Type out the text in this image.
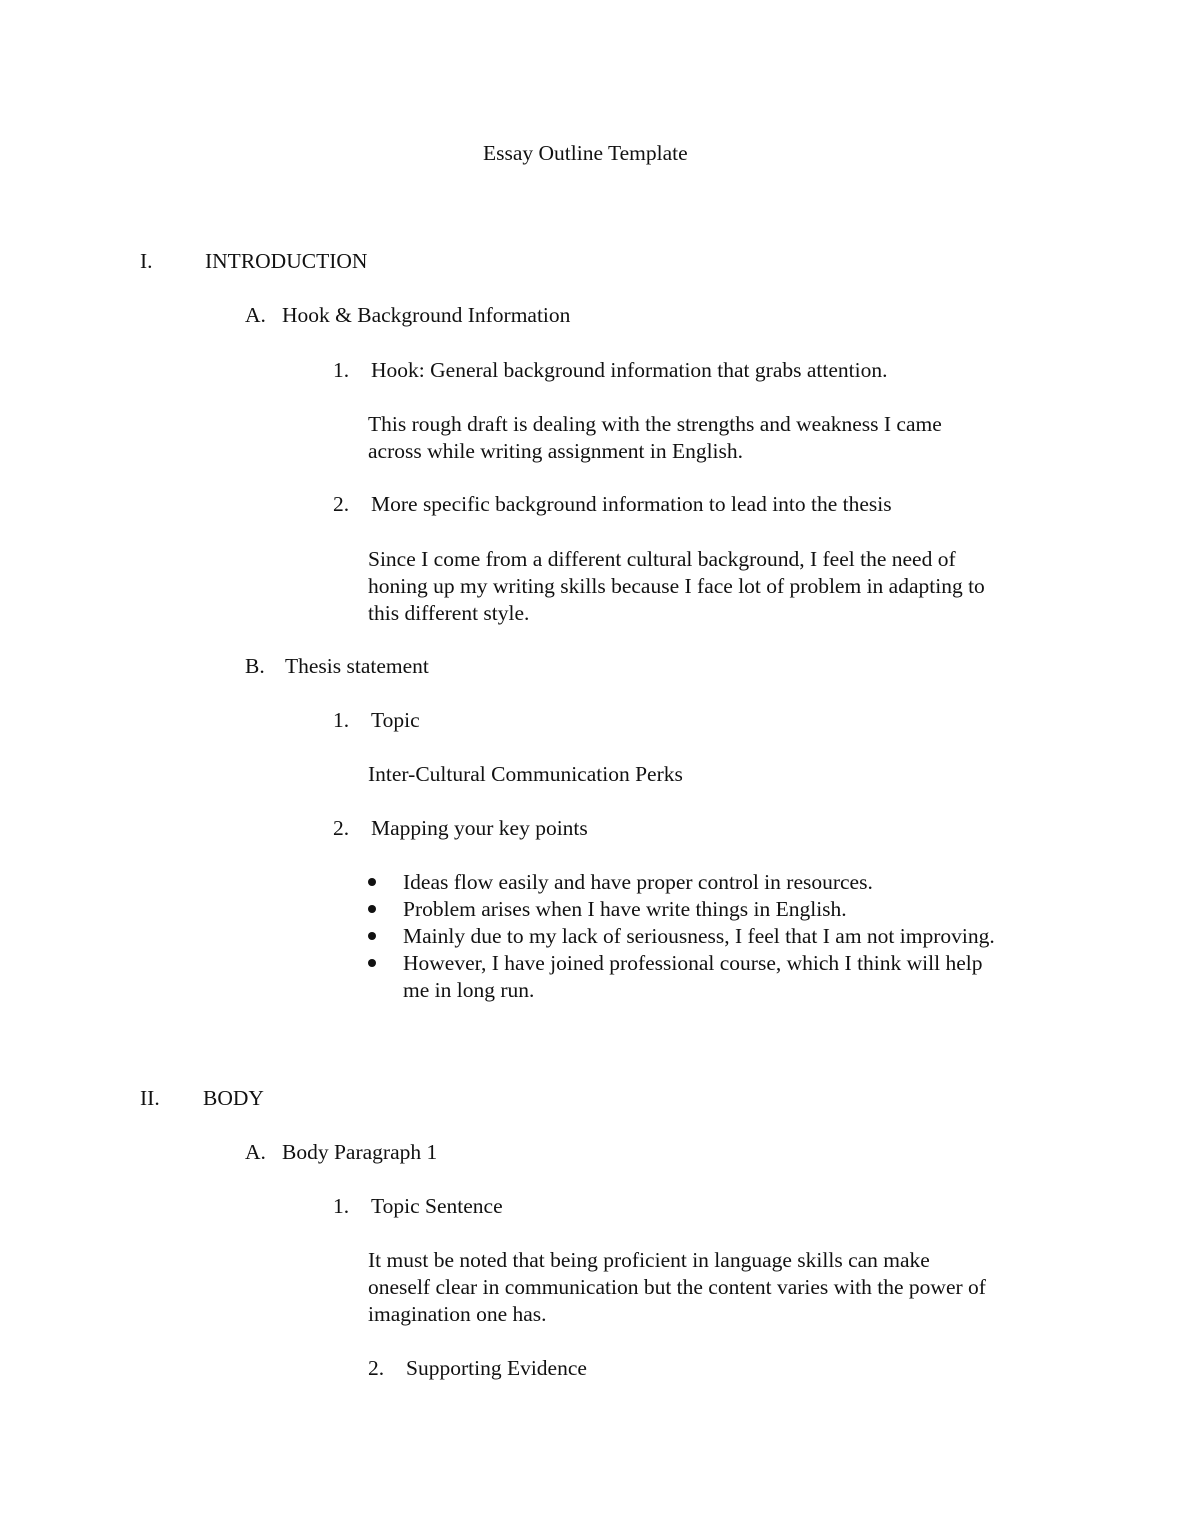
Essay Outline Template
I. INTRODUCTION
A. Hook & Background Information
1. Hook: General background information that grabs attention.
This rough draft is dealing with the strengths and weakness I came
across while writing assignment in English.
2. More specific background information to lead into the thesis
Since I come from a different cultural background, I feel the need of
honing up my writing skills because I face lot of problem in adapting to
this different style.
B. Thesis statement
1. Topic
Inter-Cultural Communication Perks
2. Mapping your key points
Ideas flow easily and have proper control in resources.
Problem arises when I have write things in English.
Mainly due to my lack of seriousness, I feel that I am not improving.
However, I have joined professional course, which I think will help
me in long run.
II. BODY
A. Body Paragraph 1
1. Topic Sentence
It must be noted that being proficient in language skills can make
oneself clear in communication but the content varies with the power of
imagination one has.
2. Supporting Evidence
